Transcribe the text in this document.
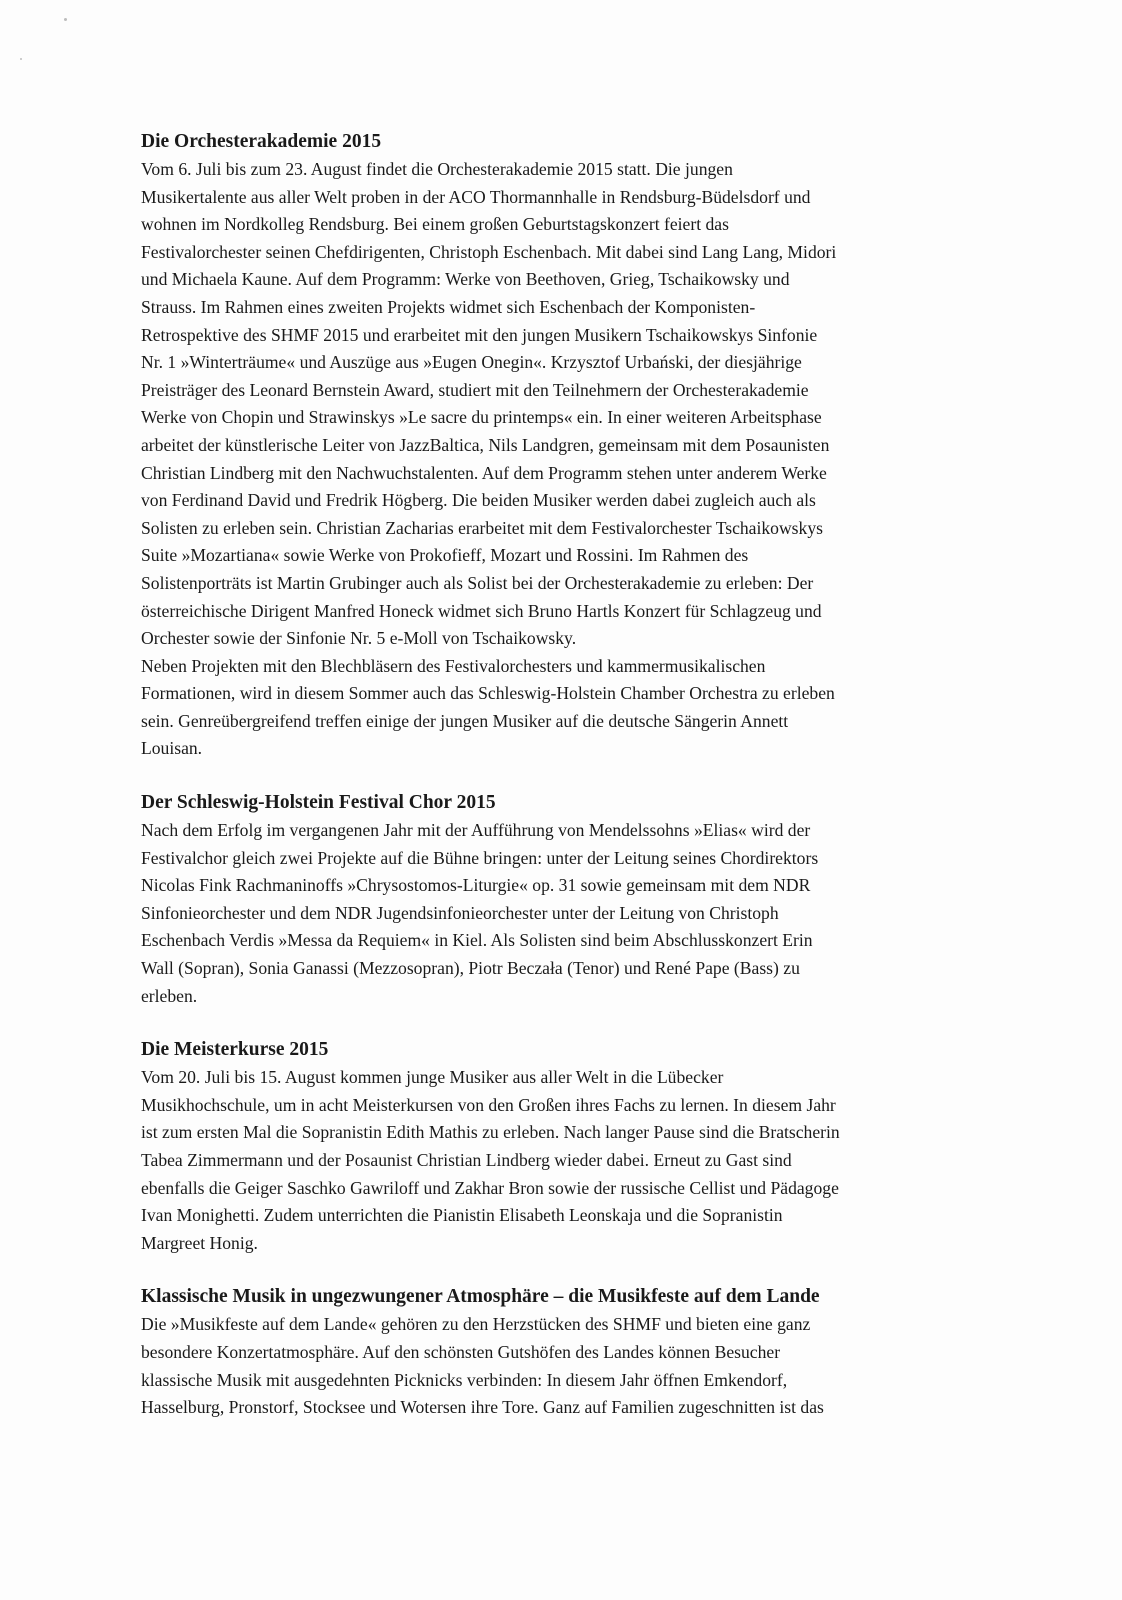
Die Orchesterakademie 2015
Vom 6. Juli bis zum 23. August findet die Orchesterakademie 2015 statt. Die jungen
Musikertalente aus aller Welt proben in der ACO Thormannhalle in Rendsburg-Büdelsdorf und
wohnen im Nordkolleg Rendsburg. Bei einem großen Geburtstagskonzert feiert das
Festivalorchester seinen Chefdirigenten, Christoph Eschenbach. Mit dabei sind Lang Lang, Midori
und Michaela Kaune. Auf dem Programm: Werke von Beethoven, Grieg, Tschaikowsky und
Strauss. Im Rahmen eines zweiten Projekts widmet sich Eschenbach der Komponisten-
Retrospektive des SHMF 2015 und erarbeitet mit den jungen Musikern Tschaikowskys Sinfonie
Nr. 1 »Winterträume« und Auszüge aus »Eugen Onegin«. Krzysztof Urbański, der diesjährige
Preisträger des Leonard Bernstein Award, studiert mit den Teilnehmern der Orchesterakademie
Werke von Chopin und Strawinskys »Le sacre du printemps« ein. In einer weiteren Arbeitsphase
arbeitet der künstlerische Leiter von JazzBaltica, Nils Landgren, gemeinsam mit dem Posaunisten
Christian Lindberg mit den Nachwuchstalenten. Auf dem Programm stehen unter anderem Werke
von Ferdinand David und Fredrik Högberg. Die beiden Musiker werden dabei zugleich auch als
Solisten zu erleben sein. Christian Zacharias erarbeitet mit dem Festivalorchester Tschaikowskys
Suite »Mozartiana« sowie Werke von Prokofieff, Mozart und Rossini. Im Rahmen des
Solistenporträts ist Martin Grubinger auch als Solist bei der Orchesterakademie zu erleben: Der
österreichische Dirigent Manfred Honeck widmet sich Bruno Hartls Konzert für Schlagzeug und
Orchester sowie der Sinfonie Nr. 5 e-Moll von Tschaikowsky.
Neben Projekten mit den Blechbläsern des Festivalorchesters und kammermusikalischen
Formationen, wird in diesem Sommer auch das Schleswig-Holstein Chamber Orchestra zu erleben
sein. Genreübergreifend treffen einige der jungen Musiker auf die deutsche Sängerin Annett
Louisan.
Der Schleswig-Holstein Festival Chor 2015
Nach dem Erfolg im vergangenen Jahr mit der Aufführung von Mendelssohns »Elias« wird der
Festivalchor gleich zwei Projekte auf die Bühne bringen: unter der Leitung seines Chordirektors
Nicolas Fink Rachmaninoffs »Chrysostomos-Liturgie« op. 31 sowie gemeinsam mit dem NDR
Sinfonieorchester und dem NDR Jugendsinfonieorchester unter der Leitung von Christoph
Eschenbach Verdis »Messa da Requiem« in Kiel. Als Solisten sind beim Abschlusskonzert Erin
Wall (Sopran), Sonia Ganassi (Mezzosopran), Piotr Beczała (Tenor) und René Pape (Bass) zu
erleben.
Die Meisterkurse 2015
Vom 20. Juli bis 15. August kommen junge Musiker aus aller Welt in die Lübecker
Musikhochschule, um in acht Meisterkursen von den Großen ihres Fachs zu lernen. In diesem Jahr
ist zum ersten Mal die Sopranistin Edith Mathis zu erleben. Nach langer Pause sind die Bratscherin
Tabea Zimmermann und der Posaunist Christian Lindberg wieder dabei. Erneut zu Gast sind
ebenfalls die Geiger Saschko Gawriloff und Zakhar Bron sowie der russische Cellist und Pädagoge
Ivan Monighetti. Zudem unterrichten die Pianistin Elisabeth Leonskaja und die Sopranistin
Margreet Honig.
Klassische Musik in ungezwungener Atmosphäre – die Musikfeste auf dem Lande
Die »Musikfeste auf dem Lande« gehören zu den Herzstücken des SHMF und bieten eine ganz
besondere Konzertatmosphäre. Auf den schönsten Gutshöfen des Landes können Besucher
klassische Musik mit ausgedehnten Picknicks verbinden: In diesem Jahr öffnen Emkendorf,
Hasselburg, Pronstorf, Stocksee und Wotersen ihre Tore. Ganz auf Familien zugeschnitten ist das
